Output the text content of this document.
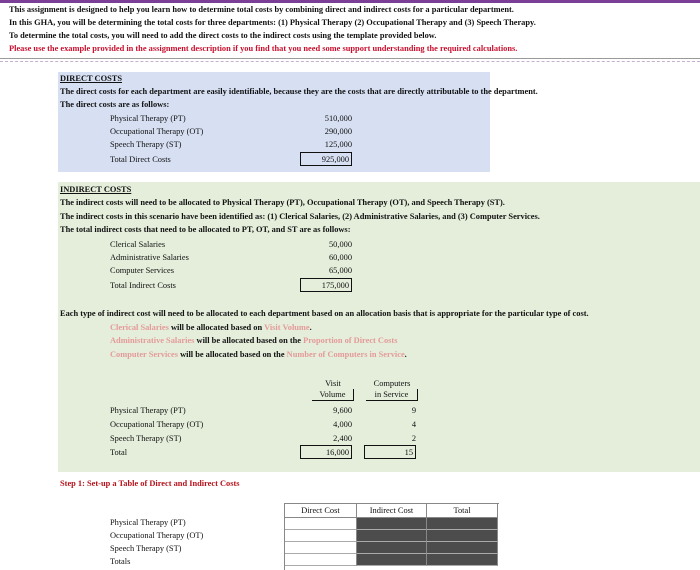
This assignment is designed to help you learn how to determine total costs by combining direct and indirect costs for a particular department.
In this GHA, you will be determining the total costs for three departments: (1) Physical Therapy (2) Occupational Therapy and (3) Speech Therapy.
To determine the total costs, you will need to add the direct costs to the indirect costs using the template provided below.
Please use the example provided in the assignment description if you find that you need some support understanding the required calculations.
DIRECT COSTS
The direct costs for each department are easily identifiable, because they are the costs that are directly attributable to the department.
The direct costs are as follows:
Physical Therapy (PT)	510,000
Occupational Therapy (OT)	290,000
Speech Therapy (ST)	125,000
Total Direct Costs	925,000
INDIRECT COSTS
The indirect costs will need to be allocated to Physical Therapy (PT), Occupational Therapy (OT), and Speech Therapy (ST).
The indirect costs in this scenario have been identified as: (1) Clerical Salaries, (2) Administrative Salaries, and (3) Computer Services.
The total indirect costs that need to be allocated to PT, OT, and ST are as follows:
Clerical Salaries	50,000
Administrative Salaries	60,000
Computer Services	65,000
Total Indirect Costs	175,000
Each type of indirect cost will need to be allocated to each department based on an allocation basis that is appropriate for the particular type of cost.
Clerical Salaries will be allocated based on Visit Volume.
Administrative Salaries will be allocated based on the Proportion of Direct Costs
Computer Services will be allocated based on the Number of Computers in Service.
Visit
Volume
Computers
in Service
Physical Therapy (PT)	9,600	9
Occupational Therapy (OT)	4,000	4
Speech Therapy (ST)	2,400	2
Total	16,000	15
Step 1: Set-up a Table of Direct and Indirect Costs
Direct Cost	Indirect Cost	Total
Physical Therapy (PT)
Occupational Therapy (OT)
Speech Therapy (ST)
Totals
